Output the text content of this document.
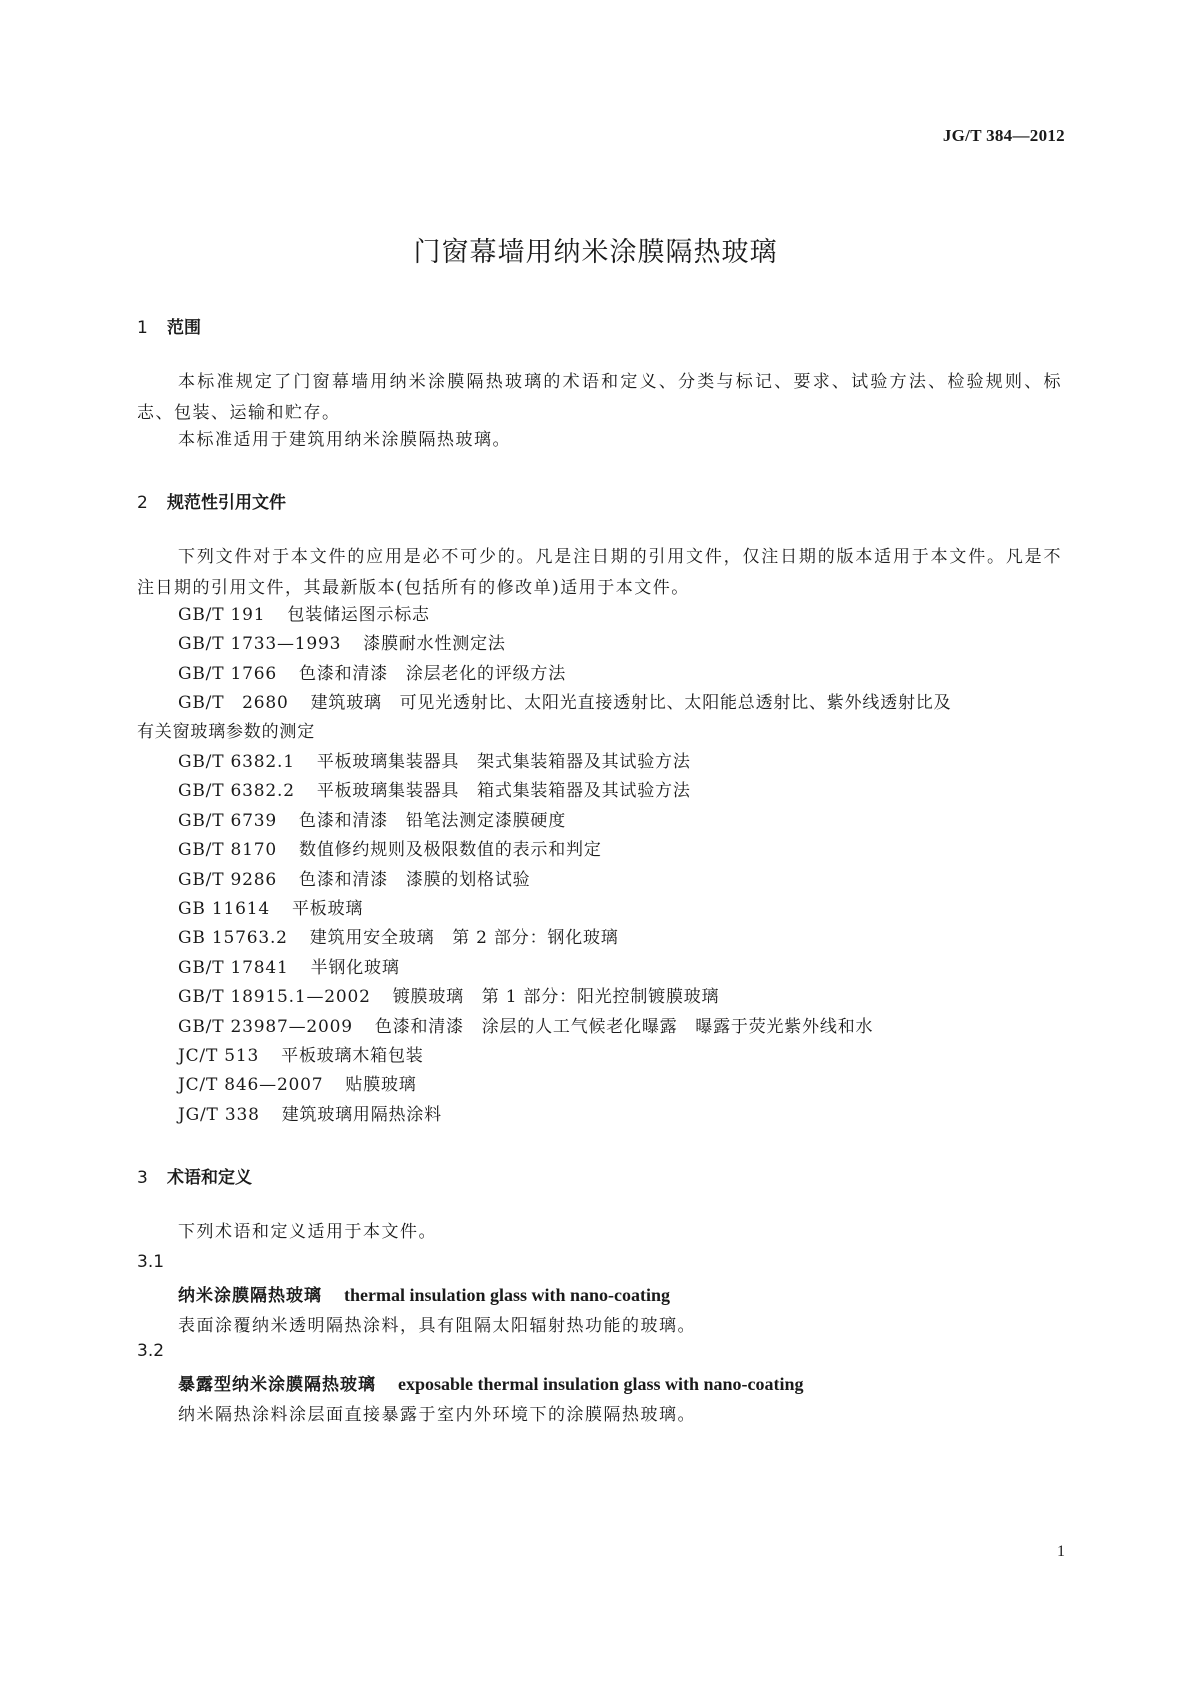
JG/T 384—2012
门窗幕墙用纳米涂膜隔热玻璃
1 范围

本标准规定了门窗幕墙用纳米涂膜隔热玻璃的术语和定义、分类与标记、要求、试验方法、检验规则、标志、包装、运输和贮存。

本标准适用于建筑用纳米涂膜隔热玻璃。

2 规范性引用文件

下列文件对于本文件的应用是必不可少的。凡是注日期的引用文件，仅注日期的版本适用于本文件。凡是不注日期的引用文件，其最新版本(包括所有的修改单)适用于本文件。

GB/T 191 包装储运图示标志

GB/T 1733—1993 漆膜耐水性测定法

GB/T 1766 色漆和清漆　涂层老化的评级方法

GB/T　2680 建筑玻璃　可见光透射比、太阳光直接透射比、太阳能总透射比、紫外线透射比及

有关窗玻璃参数的测定

GB/T 6382.1 平板玻璃集装器具　架式集装箱器及其试验方法

GB/T 6382.2 平板玻璃集装器具　箱式集装箱器及其试验方法

GB/T 6739 色漆和清漆　铅笔法测定漆膜硬度

GB/T 8170 数值修约规则及极限数值的表示和判定

GB/T 9286 色漆和清漆　漆膜的划格试验

GB 11614 平板玻璃

GB 15763.2 建筑用安全玻璃　第 2 部分：钢化玻璃

GB/T 17841 半钢化玻璃

GB/T 18915.1—2002 镀膜玻璃　第 1 部分：阳光控制镀膜玻璃

GB/T 23987—2009 色漆和清漆　涂层的人工气候老化曝露　曝露于荧光紫外线和水

JC/T 513 平板玻璃木箱包装

JC/T 846—2007 贴膜玻璃

JG/T 338 建筑玻璃用隔热涂料

3 术语和定义

下列术语和定义适用于本文件。

3.1

纳米涂膜隔热玻璃 thermal insulation glass with nano-coating

表面涂覆纳米透明隔热涂料，具有阻隔太阳辐射热功能的玻璃。

3.2

暴露型纳米涂膜隔热玻璃 exposable thermal insulation glass with nano-coating

纳米隔热涂料涂层面直接暴露于室内外环境下的涂膜隔热玻璃。

1
